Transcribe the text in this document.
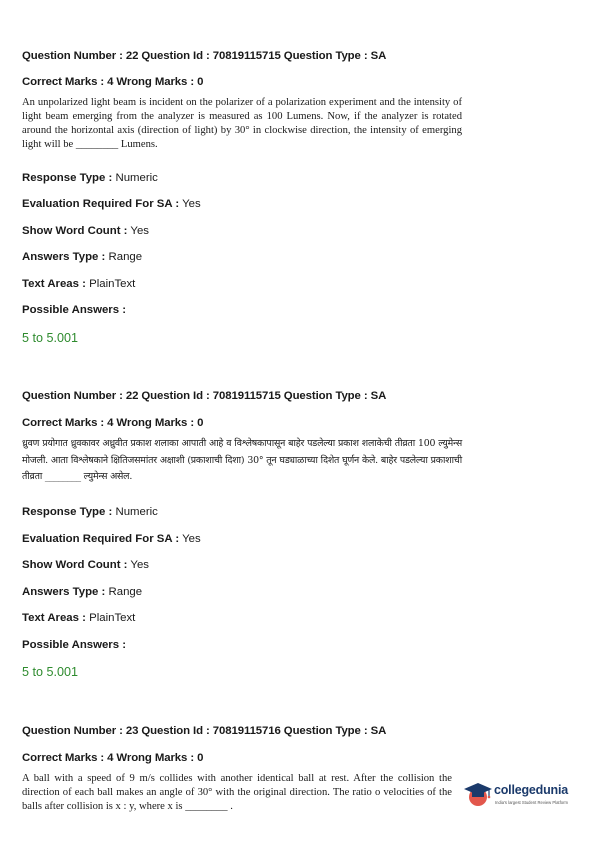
Question Number : 22 Question Id : 70819115715 Question Type : SA

Correct Marks : 4 Wrong Marks : 0

An unpolarized light beam is incident on the polarizer of a polarization experiment and the intensity of light beam emerging from the analyzer is measured as 100 Lumens. Now, if the analyzer is rotated around the horizontal axis (direction of light) by 30° in clockwise direction, the intensity of emerging light will be ________ Lumens.

Response Type : Numeric

Evaluation Required For SA : Yes

Show Word Count : Yes

Answers Type : Range

Text Areas : PlainText

Possible Answers :

5 to 5.001

Question Number : 22 Question Id : 70819115715 Question Type : SA

Correct Marks : 4 Wrong Marks : 0

ध्रुवण प्रयोगात ध्रुवकावर अध्रुवीत प्रकाश शलाका आपाती आहे व विश्लेषकापासून बाहेर पडलेल्या प्रकाश शलाकेची तीव्रता 100 ल्युमेन्स मोजली. आता विश्लेषकाने क्षितिजसमांतर अक्षाशी (प्रकाशाची दिशा) 30° तून घड्याळाच्या दिशेत घूर्णन केले. बाहेर पडलेल्या प्रकाशाची तीव्रता ________ ल्युमेन्स असेल.

Response Type : Numeric

Evaluation Required For SA : Yes

Show Word Count : Yes

Answers Type : Range

Text Areas : PlainText

Possible Answers :

5 to 5.001

Question Number : 23 Question Id : 70819115716 Question Type : SA

Correct Marks : 4 Wrong Marks : 0

A ball with a speed of 9 m/s collides with another identical ball at rest. After the collision the direction of each ball makes an angle of 30° with the original direction. The ratio o velocities of the balls after collision is x : y, where x is ________ .

collegedunia
India's largest Student Review Platform
